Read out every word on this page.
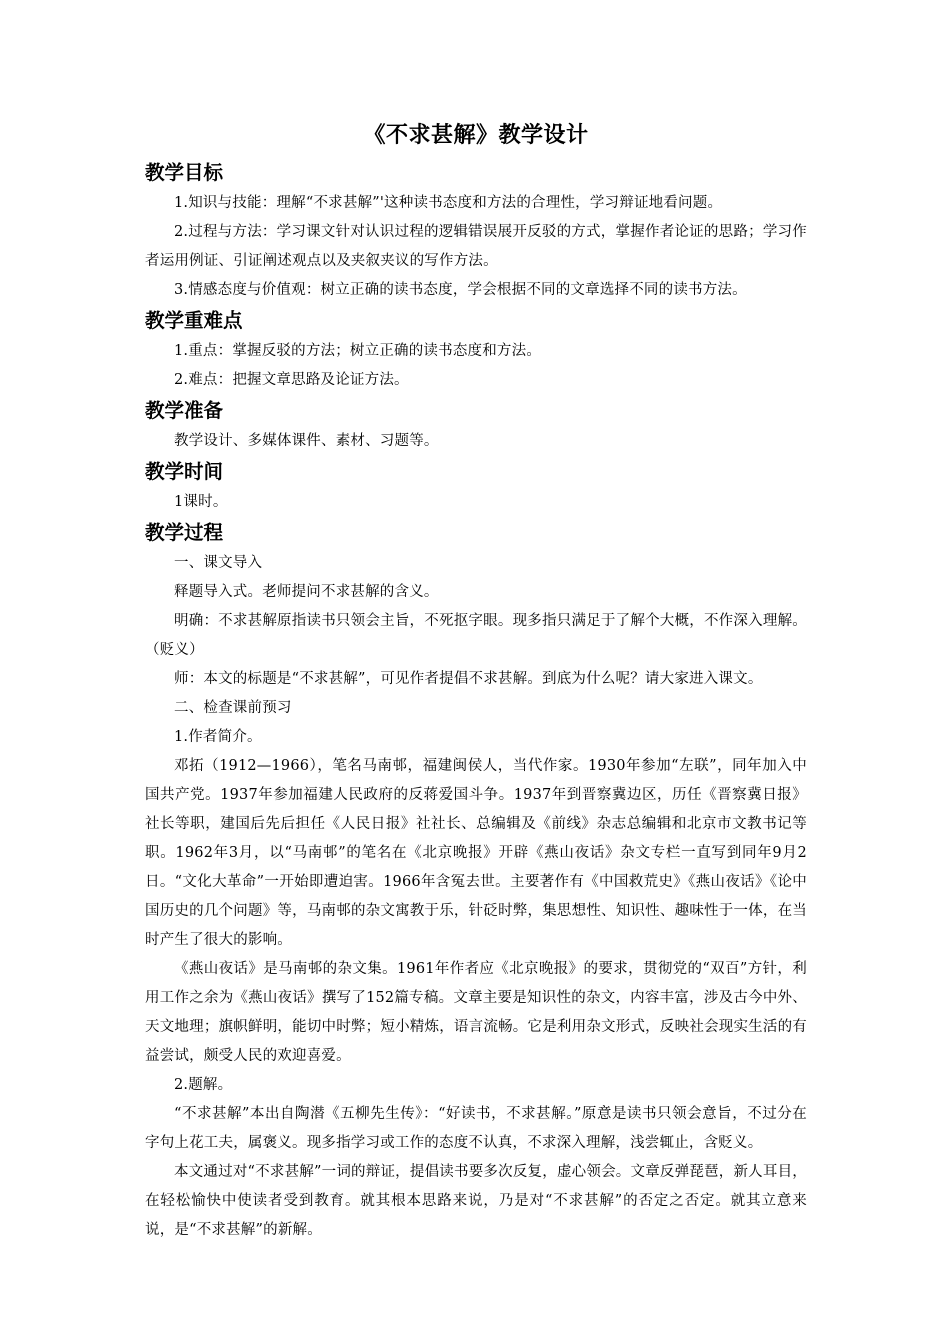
《不求甚解》教学设计
教学目标

1.知识与技能：理解“不求甚解”'这种读书态度和方法的合理性，学习辩证地看问题。

2.过程与方法：学习课文针对认识过程的逻辑错误展开反驳的方式，掌握作者论证的思路；学习作者运用例证、引证阐述观点以及夹叙夹议的写作方法。

3.情感态度与价值观：树立正确的读书态度，学会根据不同的文章选择不同的读书方法。

教学重难点

1.重点：掌握反驳的方法；树立正确的读书态度和方法。

2.难点：把握文章思路及论证方法。

教学准备

教学设计、多媒体课件、素材、习题等。

教学时间

1课时。

教学过程

一、课文导入

释题导入式。老师提问不求甚解的含义。

明确：不求甚解原指读书只领会主旨，不死抠字眼。现多指只满足于了解个大概，不作深入理解。（贬义）

师：本文的标题是“不求甚解”，可见作者提倡不求甚解。到底为什么呢？请大家进入课文。

二、检查课前预习

1.作者简介。

邓拓（1912—1966），笔名马南邨，福建闽侯人，当代作家。1930年参加“左联”，同年加入中国共产党。1937年参加福建人民政府的反蒋爱国斗争。1937年到晋察冀边区，历任《晋察冀日报》社长等职，建国后先后担任《人民日报》社社长、总编辑及《前线》杂志总编辑和北京市文教书记等职。1962年3月，以“马南邨”的笔名在《北京晚报》开辟《燕山夜话》杂文专栏一直写到同年9月2日。“文化大革命”一开始即遭迫害。1966年含冤去世。主要著作有《中国救荒史》《燕山夜话》《论中国历史的几个问题》等，马南邨的杂文寓教于乐，针砭时弊，集思想性、知识性、趣味性于一体，在当时产生了很大的影响。

《燕山夜话》是马南邨的杂文集。1961年作者应《北京晚报》的要求，贯彻党的“双百”方针，利用工作之余为《燕山夜话》撰写了152篇专稿。文章主要是知识性的杂文，内容丰富，涉及古今中外、天文地理；旗帜鲜明，能切中时弊；短小精炼，语言流畅。它是利用杂文形式，反映社会现实生活的有益尝试，颇受人民的欢迎喜爱。

2.题解。

“不求甚解”本出自陶潜《五柳先生传》：“好读书，不求甚解。”原意是读书只领会意旨，不过分在字句上花工夫，属褒义。现多指学习或工作的态度不认真，不求深入理解，浅尝辄止，含贬义。

本文通过对“不求甚解”一词的辩证，提倡读书要多次反复，虚心领会。文章反弹琵琶，新人耳目，在轻松愉快中使读者受到教育。就其根本思路来说，乃是对“不求甚解”的否定之否定。就其立意来说，是“不求甚解”的新解。
